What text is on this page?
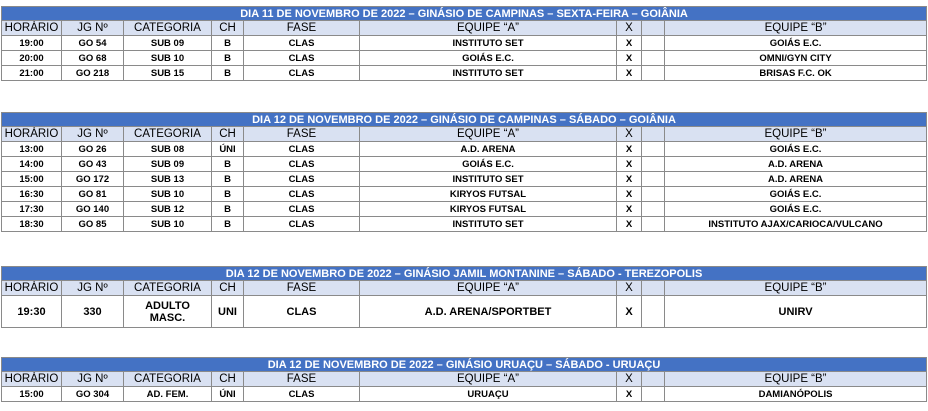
DIA 11 DE NOVEMBRO DE 2022 – GINÁSIO DE CAMPINAS – SEXTA-FEIRA – GOIÂNIA								
HORÁRIO	JG Nº	CATEGORIA	CH	FASE	EQUIPE “A”	X		EQUIPE “B”
19:00	GO 54	SUB 09	B	CLAS	INSTITUTO SET	X		GOIÁS E.C.
20:00	GO 68	SUB 10	B	CLAS	GOIÁS E.C.	X		OMNI/GYN CITY
21:00	GO 218	SUB 15	B	CLAS	INSTITUTO SET	X		BRISAS F.C. OK
DIA 12 DE NOVEMBRO DE 2022 – GINÁSIO DE CAMPINAS – SÁBADO – GOIÂNIA								
HORÁRIO	JG Nº	CATEGORIA	CH	FASE	EQUIPE “A”	X		EQUIPE “B”
13:00	GO 26	SUB 08	ÚNI	CLAS	A.D. ARENA	X		GOIÁS E.C.
14:00	GO 43	SUB 09	B	CLAS	GOIÁS E.C.	X		A.D. ARENA
15:00	GO 172	SUB 13	B	CLAS	INSTITUTO SET	X		A.D. ARENA
16:30	GO 81	SUB 10	B	CLAS	KIRYOS FUTSAL	X		GOIÁS E.C.
17:30	GO 140	SUB 12	B	CLAS	KIRYOS FUTSAL	X		GOIÁS E.C.
18:30	GO 85	SUB 10	B	CLAS	INSTITUTO SET	X		INSTITUTO AJAX/CARIOCA/VULCANO
DIA 12 DE NOVEMBRO DE 2022 – GINÁSIO JAMIL MONTANINE – SÁBADO - TEREZOPOLIS								
HORÁRIO	JG Nº	CATEGORIA	CH	FASE	EQUIPE “A”	X		EQUIPE “B”
19:30	330	ADULTO MASC.	UNI	CLAS	A.D. ARENA/SPORTBET	X		UNIRV
DIA 12 DE NOVEMBRO DE 2022 – GINÁSIO URUAÇU – SÁBADO - URUAÇU								
HORÁRIO	JG Nº	CATEGORIA	CH	FASE	EQUIPE “A”	X		EQUIPE “B”
15:00	GO 304	AD. FEM.	ÚNI	CLAS	URUAÇU	X		DAMIANÓPOLIS
